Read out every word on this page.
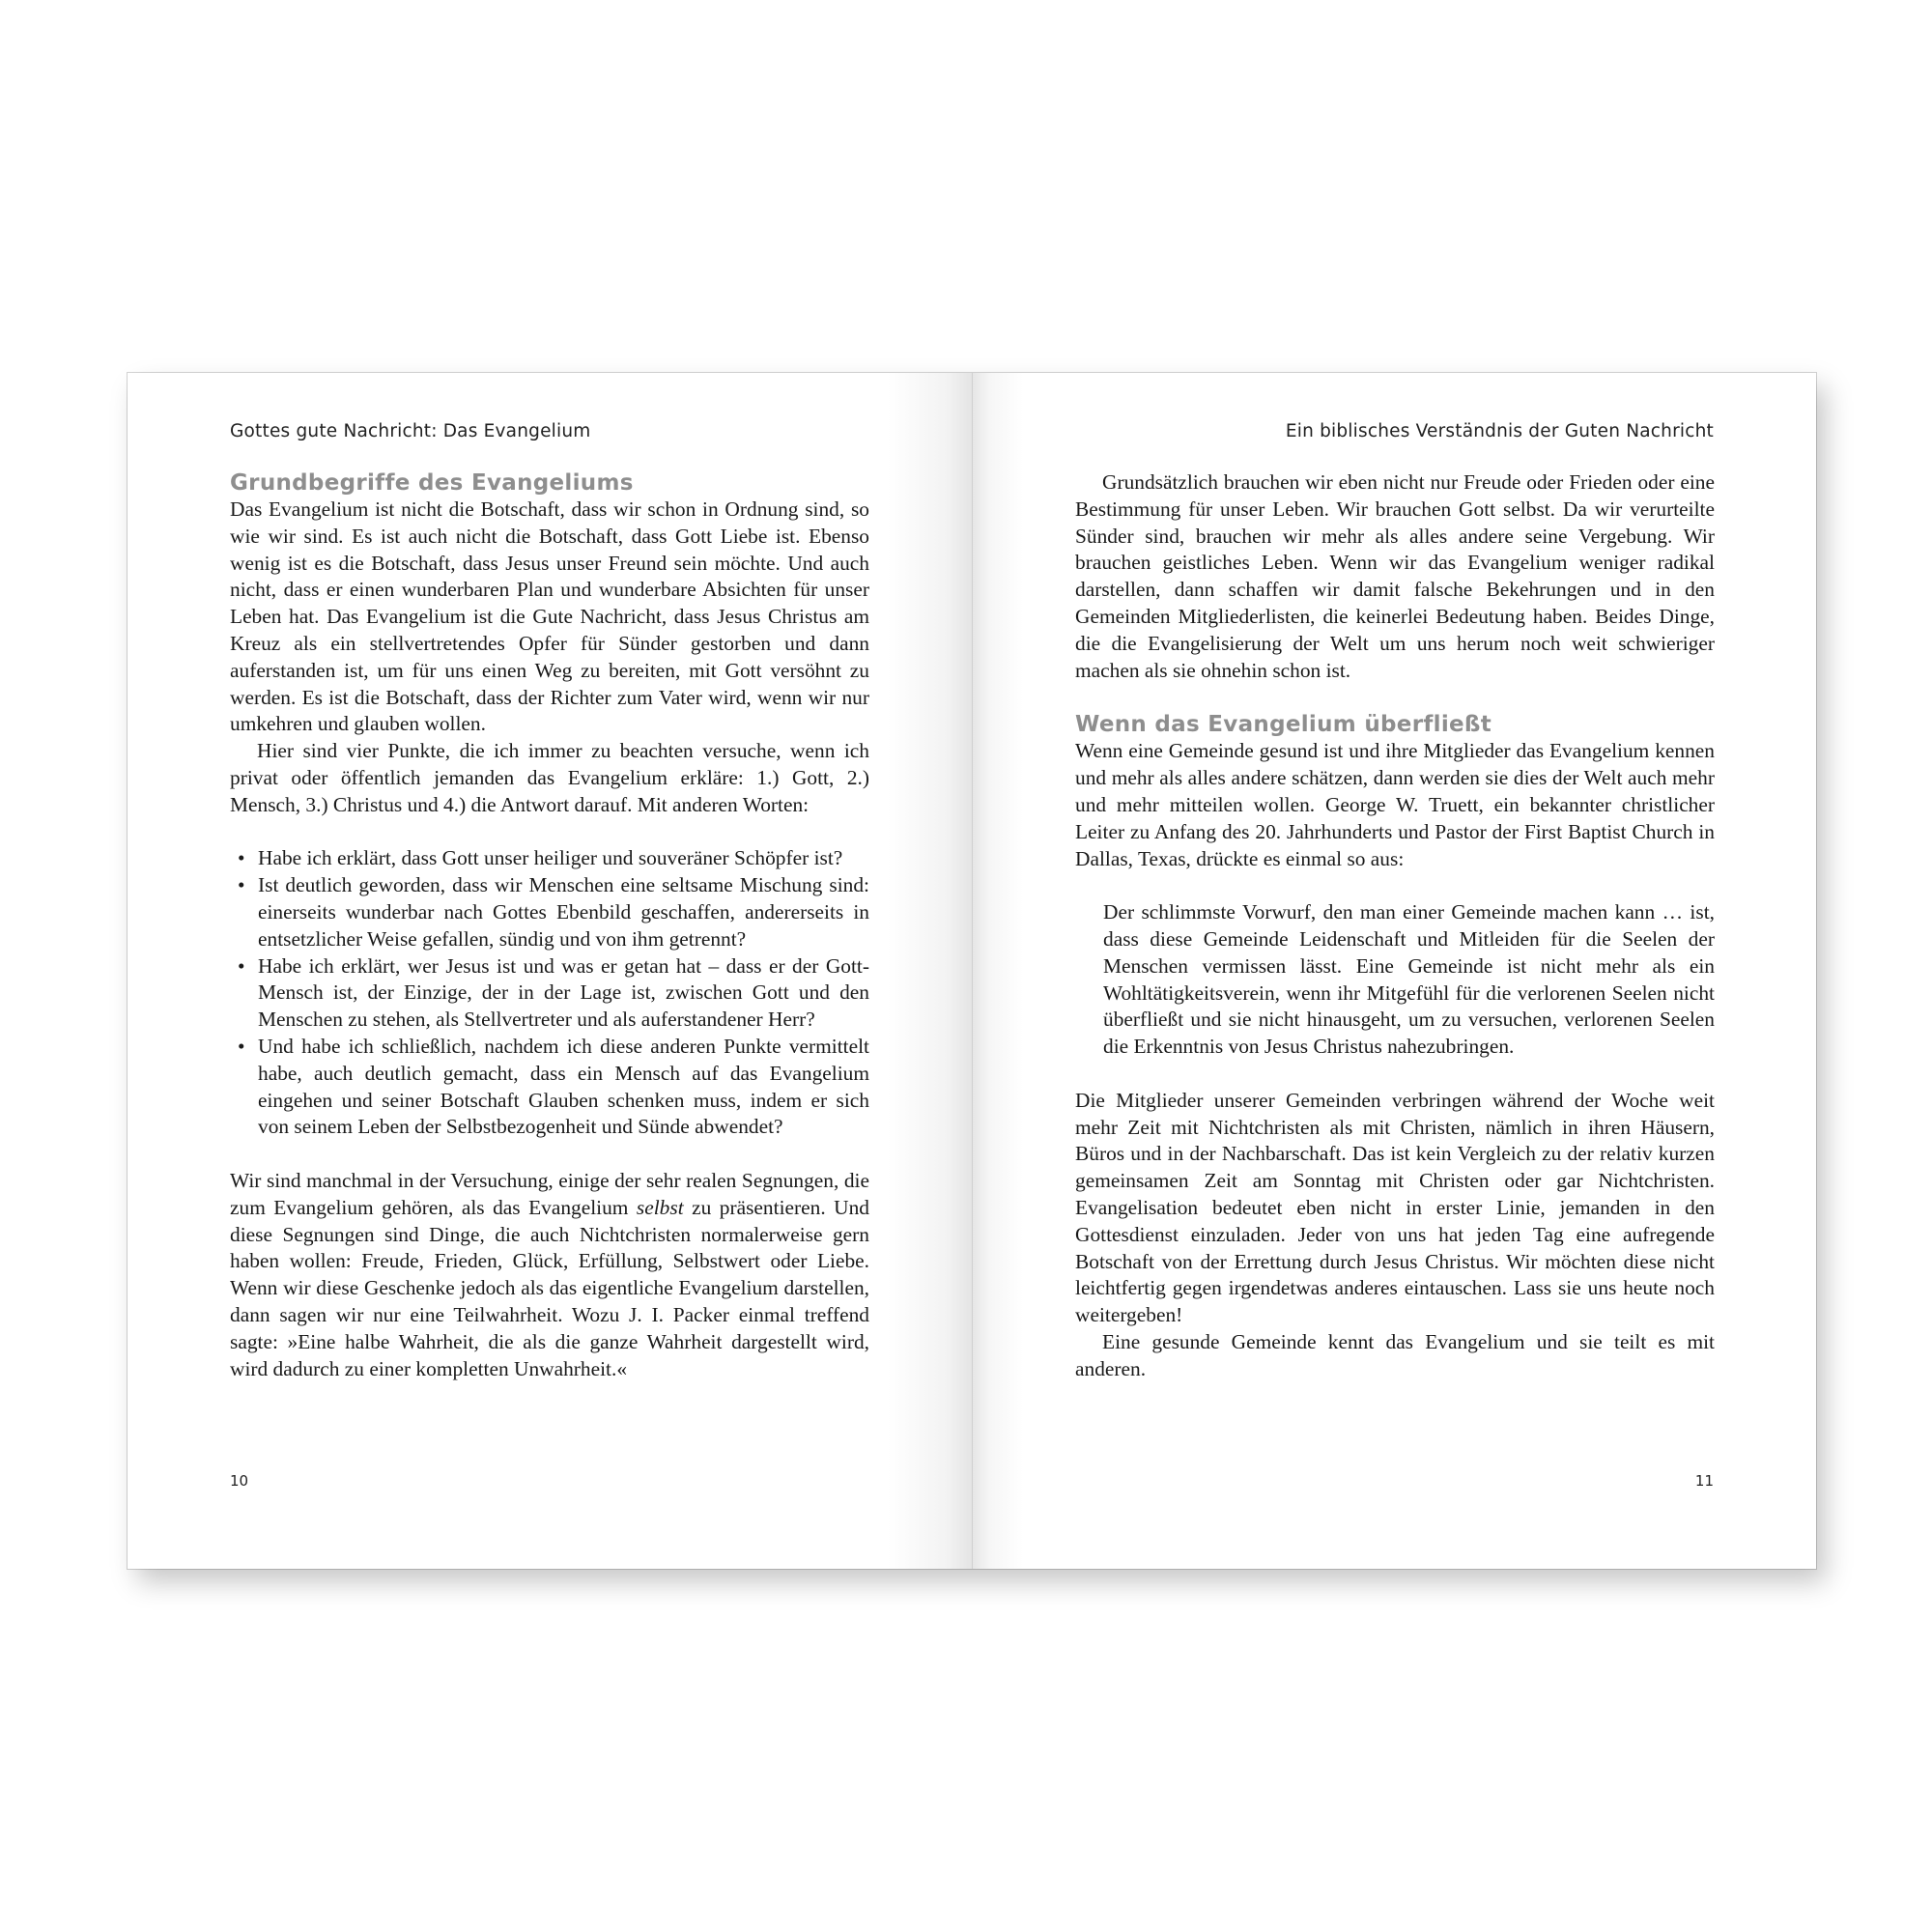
Gottes gute Nachricht: Das Evangelium
Grundbegriffe des Evangeliums

Das Evangelium ist nicht die Botschaft, dass wir schon in Ordnung sind, so wie wir sind. Es ist auch nicht die Botschaft, dass Gott Liebe ist. Ebenso wenig ist es die Botschaft, dass Jesus unser Freund sein möchte. Und auch nicht, dass er einen wunderbaren Plan und wunderbare Absichten für unser Leben hat. Das Evangelium ist die Gute Nachricht, dass Jesus Christus am Kreuz als ein stellvertretendes Opfer für Sünder gestorben und dann auferstanden ist, um für uns einen Weg zu bereiten, mit Gott versöhnt zu werden. Es ist die Botschaft, dass der Richter zum Vater wird, wenn wir nur umkehren und glauben wollen.

Hier sind vier Punkte, die ich immer zu beachten versuche, wenn ich privat oder öffentlich jemanden das Evangelium erkläre: 1.) Gott, 2.) Mensch, 3.) Christus und 4.) die Antwort darauf. Mit anderen Worten:

• Habe ich erklärt, dass Gott unser heiliger und souveräner Schöpfer ist?
• Ist deutlich geworden, dass wir Menschen eine seltsame Mischung sind: einerseits wunderbar nach Gottes Ebenbild geschaffen, andererseits in entsetzlicher Weise gefallen, sündig und von ihm getrennt?
• Habe ich erklärt, wer Jesus ist und was er getan hat – dass er der Gott-Mensch ist, der Einzige, der in der Lage ist, zwischen Gott und den Menschen zu stehen, als Stellvertreter und als auferstandener Herr?
• Und habe ich schließlich, nachdem ich diese anderen Punkte vermittelt habe, auch deutlich gemacht, dass ein Mensch auf das Evangelium eingehen und seiner Botschaft Glauben schenken muss, indem er sich von seinem Leben der Selbstbezogenheit und Sünde abwendet?

Wir sind manchmal in der Versuchung, einige der sehr realen Segnungen, die zum Evangelium gehören, als das Evangelium selbst zu präsentieren. Und diese Segnungen sind Dinge, die auch Nichtchristen normalerweise gern haben wollen: Freude, Frieden, Glück, Erfüllung, Selbstwert oder Liebe. Wenn wir diese Geschenke jedoch als das eigentliche Evangelium darstellen, dann sagen wir nur eine Teilwahrheit. Wozu J. I. Packer einmal treffend sagte: »Eine halbe Wahrheit, die als die ganze Wahrheit dargestellt wird, wird dadurch zu einer kompletten Unwahrheit.«

10
Ein biblisches Verständnis der Guten Nachricht

Grundsätzlich brauchen wir eben nicht nur Freude oder Frieden oder eine Bestimmung für unser Leben. Wir brauchen Gott selbst. Da wir verurteilte Sünder sind, brauchen wir mehr als alles andere seine Vergebung. Wir brauchen geistliches Leben. Wenn wir das Evangelium weniger radikal darstellen, dann schaffen wir damit falsche Bekehrungen und in den Gemeinden Mitgliederlisten, die keinerlei Bedeutung haben. Beides Dinge, die die Evangelisierung der Welt um uns herum noch weit schwieriger machen als sie ohnehin schon ist.

Wenn das Evangelium überfließt

Wenn eine Gemeinde gesund ist und ihre Mitglieder das Evangelium kennen und mehr als alles andere schätzen, dann werden sie dies der Welt auch mehr und mehr mitteilen wollen. George W. Truett, ein bekannter christlicher Leiter zu Anfang des 20. Jahrhunderts und Pastor der First Baptist Church in Dallas, Texas, drückte es einmal so aus:

Der schlimmste Vorwurf, den man einer Gemeinde machen kann … ist, dass diese Gemeinde Leidenschaft und Mitleiden für die Seelen der Menschen vermissen lässt. Eine Gemeinde ist nicht mehr als ein Wohltätigkeitsverein, wenn ihr Mitgefühl für die verlorenen Seelen nicht überfließt und sie nicht hinausgeht, um zu versuchen, verlorenen Seelen die Erkenntnis von Jesus Christus nahezubringen.

Die Mitglieder unserer Gemeinden verbringen während der Woche weit mehr Zeit mit Nichtchristen als mit Christen, nämlich in ihren Häusern, Büros und in der Nachbarschaft. Das ist kein Vergleich zu der relativ kurzen gemeinsamen Zeit am Sonntag mit Christen oder gar Nichtchristen. Evangelisation bedeutet eben nicht in erster Linie, jemanden in den Gottesdienst einzuladen. Jeder von uns hat jeden Tag eine aufregende Botschaft von der Errettung durch Jesus Christus. Wir möchten diese nicht leichtfertig gegen irgendetwas anderes eintauschen. Lass sie uns heute noch weitergeben!

Eine gesunde Gemeinde kennt das Evangelium und sie teilt es mit anderen.

11
